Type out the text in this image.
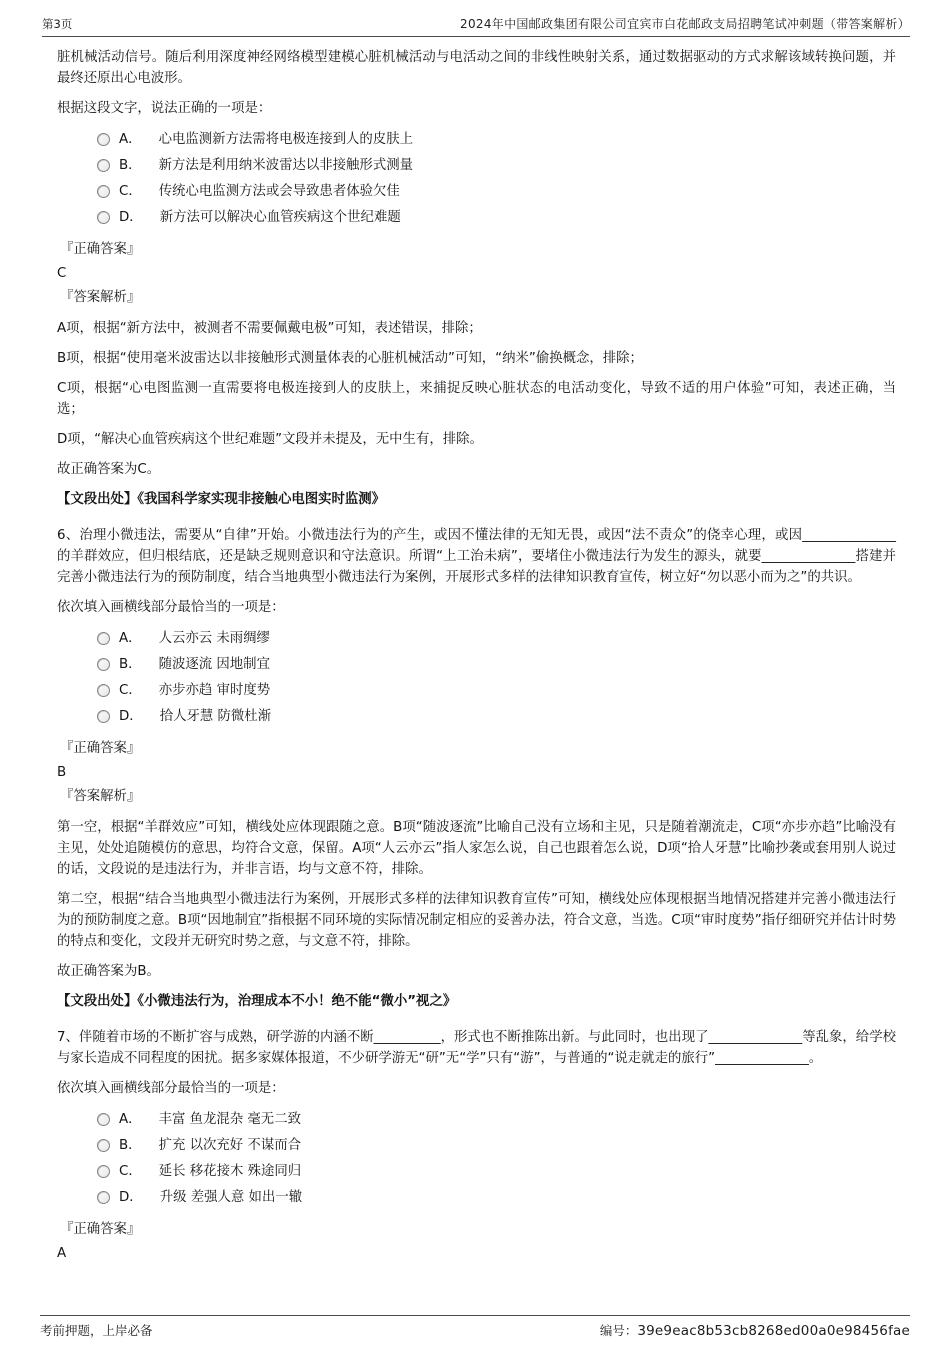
第3页	2024年中国邮政集团有限公司宜宾市白花邮政支局招聘笔试冲刺题（带答案解析）

脏机械活动信号。随后利用深度神经网络模型建模心脏机械活动与电活动之间的非线性映射关系，通过数据驱动的方式求解该域转换问题，并最终还原出心电波形。

根据这段文字，说法正确的一项是：

A． 心电监测新方法需将电极连接到人的皮肤上
B． 新方法是利用纳米波雷达以非接触形式测量
C． 传统心电监测方法或会导致患者体验欠佳
D． 新方法可以解决心血管疾病这个世纪难题

『正确答案』

C

『答案解析』

A项，根据“新方法中，被测者不需要佩戴电极”可知，表述错误，排除；

B项，根据“使用毫米波雷达以非接触形式测量体表的心脏机械活动”可知，“纳米”偷换概念，排除；

C项，根据“心电图监测一直需要将电极连接到人的皮肤上，来捕捉反映心脏状态的电活动变化，导致不适的用户体验”可知，表述正确，当选；

D项，“解决心血管疾病这个世纪难题”文段并未提及，无中生有，排除。

故正确答案为C。

【文段出处】《我国科学家实现非接触心电图实时监测》

6、治理小微违法，需要从“自律”开始。小微违法行为的产生，或因不懂法律的无知无畏，或因“法不责众”的侥幸心理，或因______________的羊群效应，但归根结底，还是缺乏规则意识和守法意识。所谓“上工治未病”，要堵住小微违法行为发生的源头，就要______________搭建并完善小微违法行为的预防制度，结合当地典型小微违法行为案例，开展形式多样的法律知识教育宣传，树立好“勿以恶小而为之”的共识。

依次填入画横线部分最恰当的一项是：

A． 人云亦云 未雨绸缪
B． 随波逐流 因地制宜
C． 亦步亦趋 审时度势
D． 拾人牙慧 防微杜渐

『正确答案』

B

『答案解析』

第一空，根据“羊群效应”可知，横线处应体现跟随之意。B项“随波逐流”比喻自己没有立场和主见，只是随着潮流走，C项“亦步亦趋”比喻没有主见，处处追随模仿的意思，均符合文意，保留。A项“人云亦云”指人家怎么说，自己也跟着怎么说，D项“拾人牙慧”比喻抄袭或套用别人说过的话，文段说的是违法行为，并非言语，均与文意不符，排除。

第二空，根据“结合当地典型小微违法行为案例，开展形式多样的法律知识教育宣传”可知，横线处应体现根据当地情况搭建并完善小微违法行为的预防制度之意。B项“因地制宜”指根据不同环境的实际情况制定相应的妥善办法，符合文意，当选。C项“审时度势”指仔细研究并估计时势的特点和变化，文段并无研究时势之意，与文意不符，排除。

故正确答案为B。

【文段出处】《小微违法行为，治理成本不小！绝不能“微小”视之》

7、伴随着市场的不断扩容与成熟，研学游的内涵不断__________，形式也不断推陈出新。与此同时，也出现了______________等乱象，给学校与家长造成不同程度的困扰。据多家媒体报道，不少研学游无“研”无“学”只有“游”，与普通的“说走就走的旅行”______________。

依次填入画横线部分最恰当的一项是：

A． 丰富 鱼龙混杂 毫无二致
B． 扩充 以次充好 不谋而合
C． 延长 移花接木 殊途同归
D． 升级 差强人意 如出一辙

『正确答案』

A

考前押题，上岸必备	编号：39e9eac8b53cb8268ed00a0e98456fae
